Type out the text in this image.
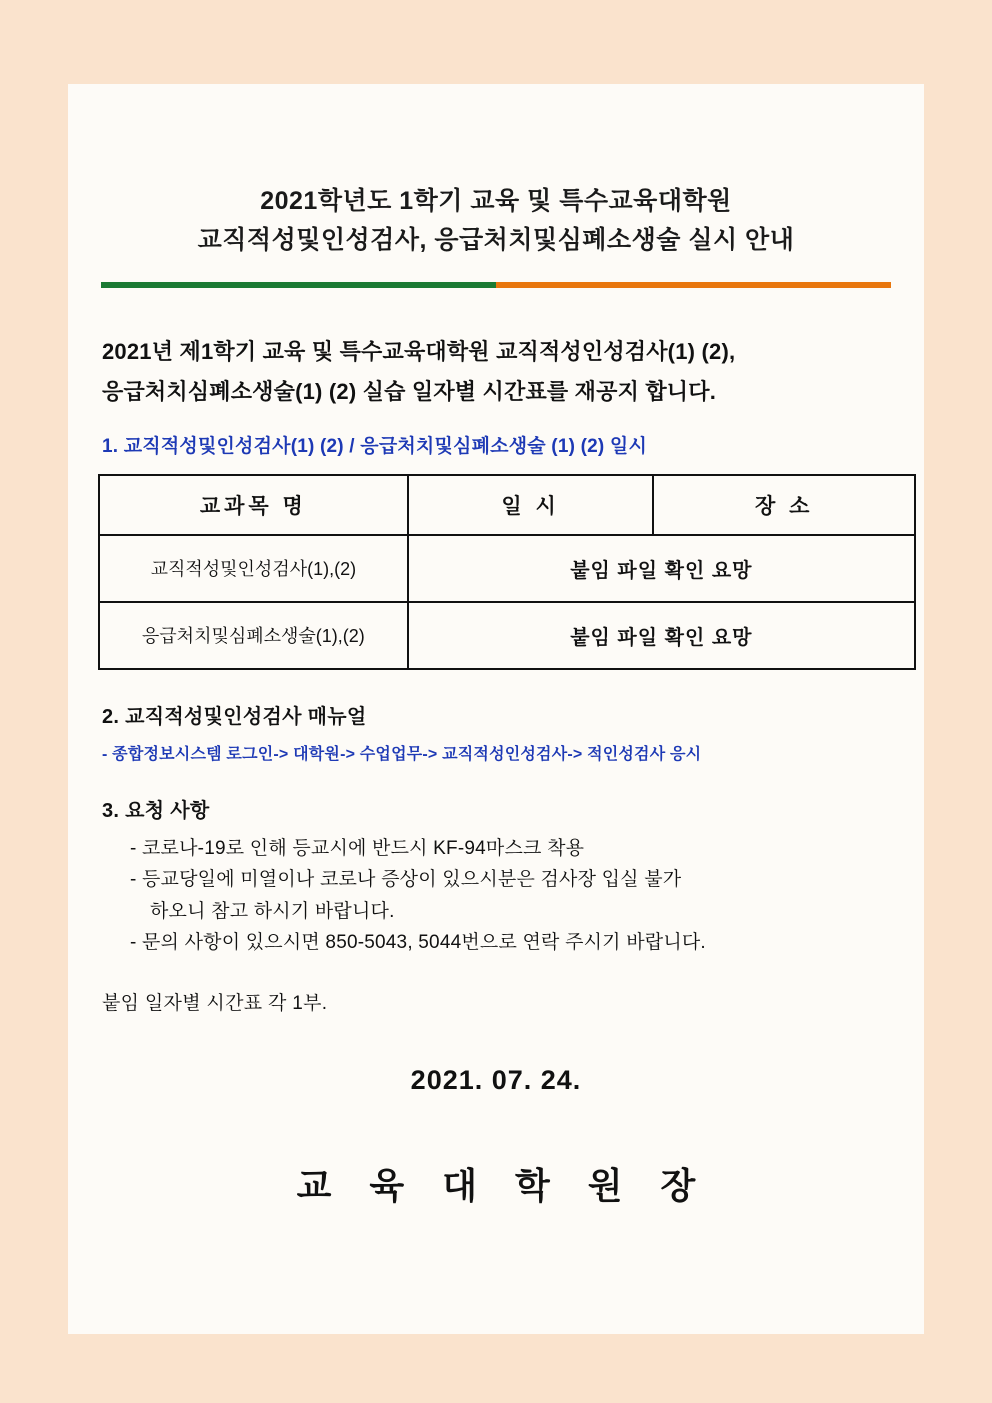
2021학년도 1학기 교육 및 특수교육대학원
교직적성및인성검사, 응급처치및심폐소생술 실시 안내
2021년 제1학기 교육 및 특수교육대학원 교직적성인성검사(1) (2),
응급처치심폐소생술(1) (2) 실습 일자별 시간표를 재공지 합니다.
1. 교직적성및인성검사(1) (2) / 응급처치및심폐소생술 (1) (2) 일시
교과목 명	일 시	장 소
교직적성및인성검사(1),(2)	붙임 파일 확인 요망	
응급처치및심폐소생술(1),(2)	붙임 파일 확인 요망	
2. 교직적성및인성검사 매뉴얼
- 종합정보시스템 로그인-> 대학원-> 수업업무-> 교직적성인성검사-> 적인성검사 응시
3. 요청 사항
- 코로나-19로 인해 등교시에 반드시 KF-94마스크 착용
- 등교당일에 미열이나 코로나 증상이 있으시분은 검사장 입실 불가
하오니 참고 하시기 바랍니다.
- 문의 사항이 있으시면 850-5043, 5044번으로 연락 주시기 바랍니다.
붙임 일자별 시간표 각 1부.
2021. 07. 24.
교 육 대 학 원 장
